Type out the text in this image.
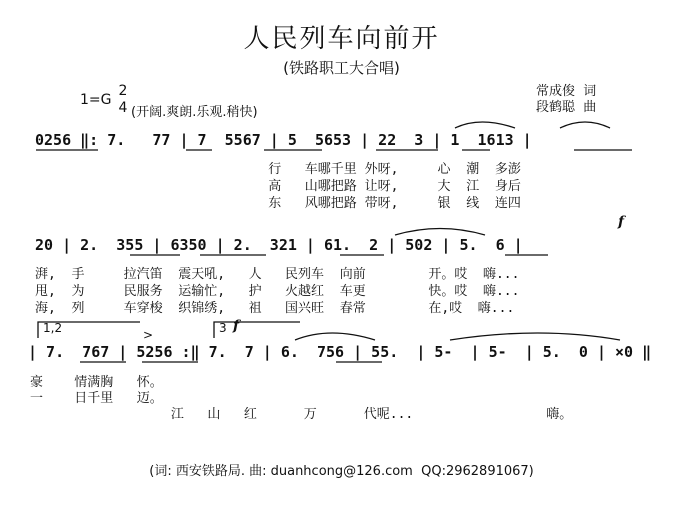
人民列车向前开
(铁路职工大合唱)
常成俊  词
段鹤聪  曲
1=G
2
4 (开阔.爽朗.乐观.稍快)
0256 ‖: 7.   77 | 7  5567 | 5  5653 | 22  3 | 1  1613 |
行   车哪千里 外呀,     心  潮  多澎
高   山哪把路 让呀,     大  江  身后
东   风哪把路 带呀,     银  线  连四
20 | 2.  355 | 6350 | 2.  321 | 61.  2 | 502 | 5.  6 |
湃,  手     拉汽笛  震天吼,   人   民列车  向前        开。哎  嗨...
甩,  为     民服务  运输忙,   护   火越红  车更        快。哎  嗨...
海,  列     车穿梭  织锦绣,   祖   国兴旺  春常        在,哎  嗨...
1,2	3 f
f
>
| 7.  767 | 5256 :‖ 7.  7 | 6.  756 | 55.  | 5-  | 5-  | 5.  0 | ×0 ‖
豪    情满胸   怀。
一    日千里   迈。
江   山   红      万      代呢...                 嗨。
(词: 西安铁路局. 曲: duanhcong@126.com  QQ:2962891067)
